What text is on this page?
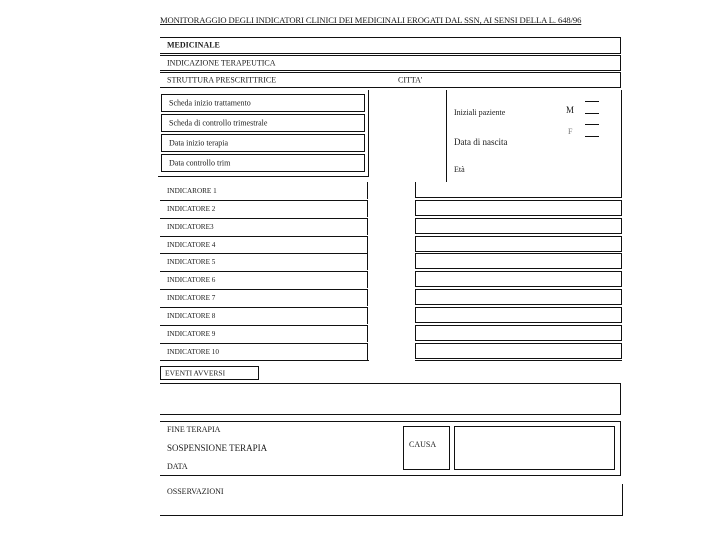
MONITORAGGIO DEGLI INDICATORI CLINICI DEI MEDICINALI EROGATI DAL SSN, AI SENSI DELLA L. 648/96
MEDICINALE
INDICAZIONE TERAPEUTICA
STRUTTURA PRESCRITTRICE	CITTA'
Scheda inizio trattamento
Scheda di controllo trimestrale
Data inizio terapia
Data controllo trim
Iniziali paziente	M
F
Data di nascita
Età
INDICARORE 1
INDICATORE 2
INDICATORE3
INDICATORE 4
INDICATORE 5
INDICATORE 6
INDICATORE 7
INDICATORE 8
INDICATORE 9
INDICATORE 10
EVENTI AVVERSI
FINE TERAPIA
SOSPENSIONE TERAPIA
DATA
CAUSA
OSSERVAZIONI
